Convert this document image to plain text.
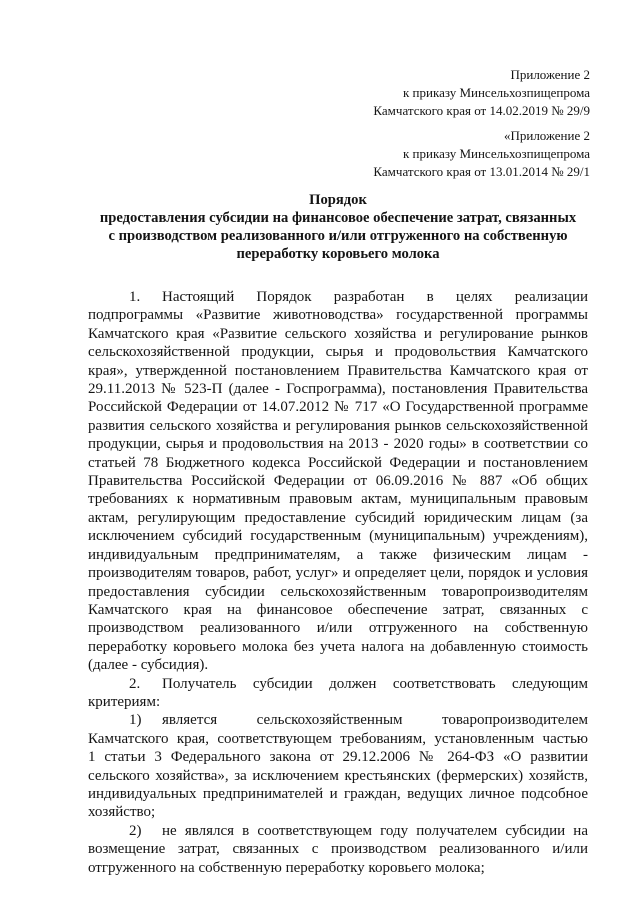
Приложение 2
к приказу Минсельхозпищепрома
Камчатского края от 14.02.2019 № 29/9
«Приложение 2
к приказу Минсельхозпищепрома
Камчатского края от 13.01.2014 № 29/1
Порядок
предоставления субсидии на финансовое обеспечение затрат, связанных
с производством реализованного и/или отгруженного на собственную
переработку коровьего молока
1.	Настоящий Порядок разработан в целях реализации
подпрограммы «Развитие животноводства» государственной программы
Камчатского края «Развитие сельского хозяйства и регулирование рынков
сельскохозяйственной продукции, сырья и продовольствия Камчатского
края», утвержденной постановлением Правительства Камчатского края от
29.11.2013 № 523-П (далее - Госпрограмма), постановления Правительства
Российской Федерации от 14.07.2012 № 717 «О Государственной программе
развития сельского хозяйства и регулирования рынков сельскохозяйственной
продукции, сырья и продовольствия на 2013 - 2020 годы» в соответствии со
статьей 78 Бюджетного кодекса Российской Федерации и постановлением
Правительства Российской Федерации от 06.09.2016 № 887 «Об общих
требованиях к нормативным правовым актам, муниципальным правовым
актам, регулирующим предоставление субсидий юридическим лицам (за
исключением субсидий государственным (муниципальным) учреждениям),
индивидуальным предпринимателям, а также физическим лицам -
производителям товаров, работ, услуг» и определяет цели, порядок и условия
предоставления субсидии сельскохозяйственным товаропроизводителям
Камчатского края на финансовое обеспечение затрат, связанных с
производством реализованного и/или отгруженного на собственную
переработку коровьего молока без учета налога на добавленную стоимость
(далее - субсидия).
2.	Получатель субсидии должен соответствовать следующим
критериям:
1)	является сельскохозяйственным товаропроизводителем
Камчатского края, соответствующем требованиям, установленным частью
1 статьи 3 Федерального закона от 29.12.2006 № 264-ФЗ «О развитии
сельского хозяйства», за исключением крестьянских (фермерских) хозяйств,
индивидуальных предпринимателей и граждан, ведущих личное подсобное
хозяйство;
2)	не являлся в соответствующем году получателем субсидии на
возмещение затрат, связанных с производством реализованного и/или
отгруженного на собственную переработку коровьего молока;
